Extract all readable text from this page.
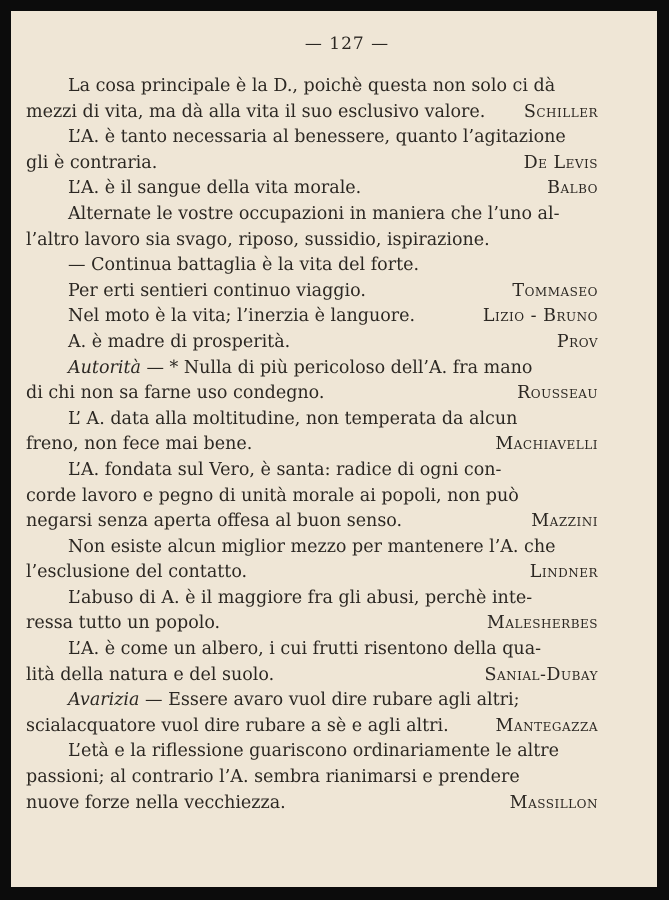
— 127 —
La cosa principale è la D., poichè questa non solo ci dà
mezzi di vita, ma dà alla vita il suo esclusivo valore. Schiller
L’A. è tanto necessaria al benessere, quanto l’agitazione
gli è contraria.	De Levis
L’A. è il sangue della vita morale.	Balbo
Alternate le vostre occupazioni in maniera che l’uno al-
l’altro lavoro sia svago, riposo, sussidio, ispirazione.
— Continua battaglia è la vita del forte.
Per erti sentieri continuo viaggio.	Tommaseo
Nel moto è la vita; l’inerzia è languore.	Lizio - Bruno
A. è madre di prosperità.	Prov
Autorità — * Nulla di più pericoloso dell’A. fra mano
di chi non sa farne uso condegno.	Rousseau
L’ A. data alla moltitudine, non temperata da alcun
freno, non fece mai bene.	Machiavelli
L’A. fondata sul Vero, è santa: radice di ogni con-
corde lavoro e pegno di unità morale ai popoli, non può
negarsi senza aperta offesa al buon senso.	Mazzini
Non esiste alcun miglior mezzo per mantenere l’A. che
l’esclusione del contatto.	Lindner
L’abuso di A. è il maggiore fra gli abusi, perchè inte-
ressa tutto un popolo.	Malesherbes
L’A. è come un albero, i cui frutti risentono della qua-
lità della natura e del suolo.	Sanial-Dubay
Avarizia — Essere avaro vuol dire rubare agli altri;
scialacquatore vuol dire rubare a sè e agli altri.	Mantegazza
L’età e la riflessione guariscono ordinariamente le altre
passioni; al contrario l’A. sembra rianimarsi e prendere
nuove forze nella vecchiezza.	Massillon
